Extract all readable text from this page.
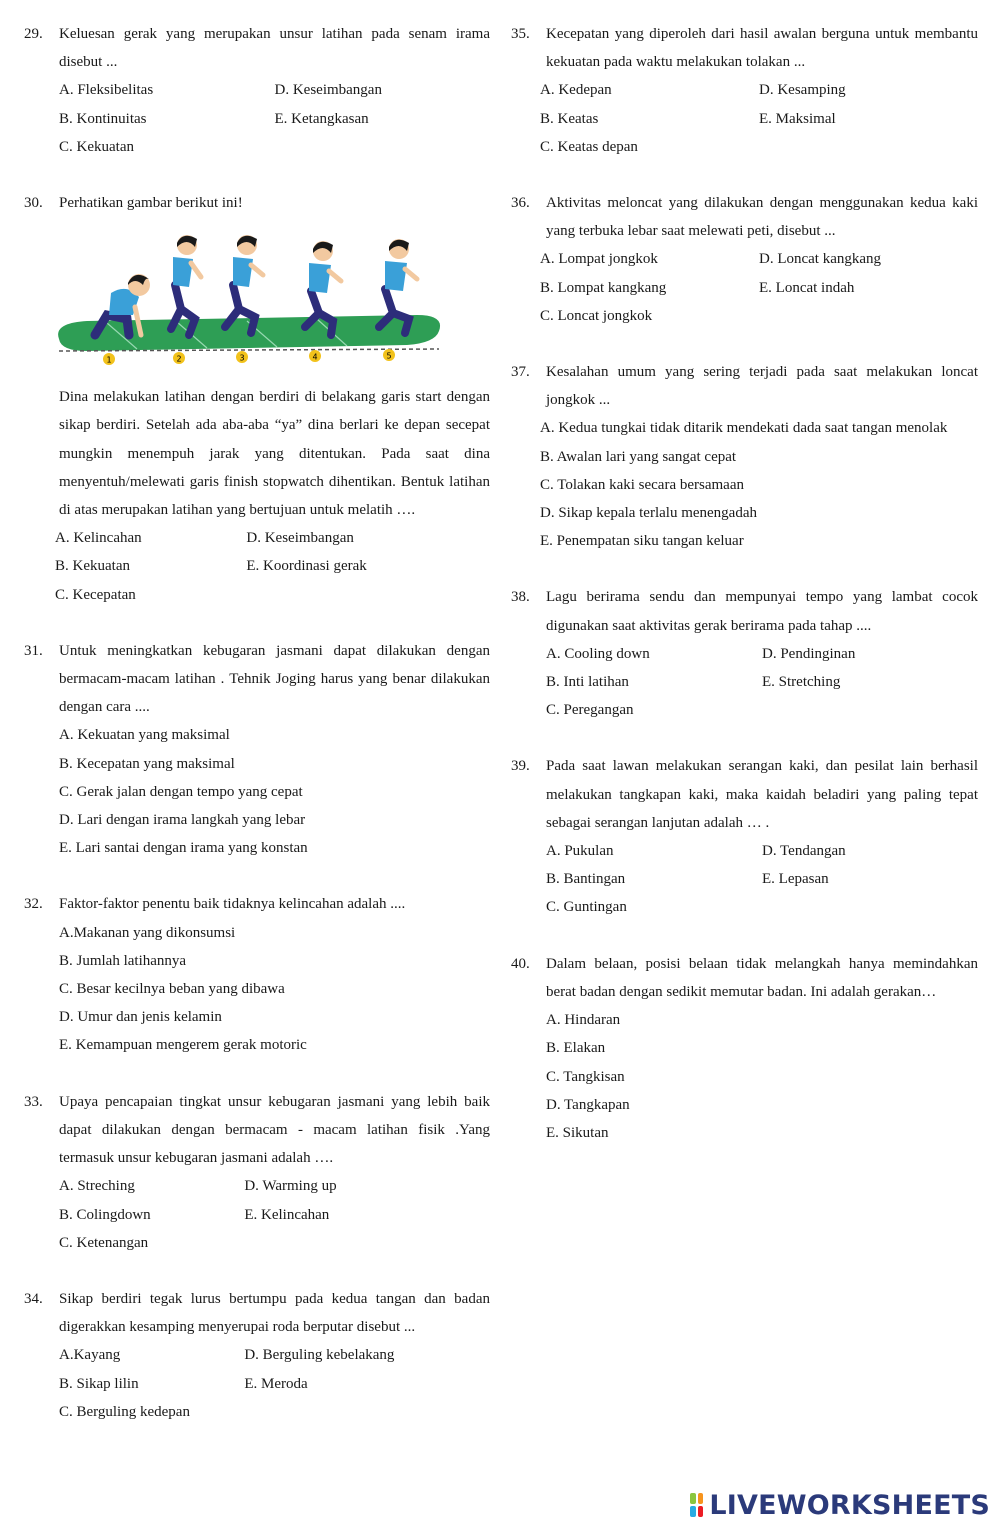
29. Keluesan gerak yang merupakan unsur latihan pada senam irama disebut ...
A. Fleksibelitas	D. Keseimbangan
B. Kontinuitas	E. Ketangkasan
C. Kekuatan
30. Perhatikan gambar berikut ini!
1	2	3	4	5
Dina melakukan latihan dengan berdiri di belakang garis start dengan sikap berdiri. Setelah ada aba-aba “ya” dina berlari ke depan secepat mungkin menempuh jarak yang ditentukan. Pada saat dina menyentuh/melewati garis finish stopwatch dihentikan. Bentuk latihan di atas merupakan latihan yang bertujuan untuk melatih ….
A. Kelincahan	D. Keseimbangan
B. Kekuatan	E. Koordinasi gerak
C. Kecepatan
31. Untuk meningkatkan kebugaran jasmani dapat dilakukan dengan bermacam-macam latihan . Tehnik Joging harus yang benar dilakukan dengan cara ....
A. Kekuatan yang maksimal
B. Kecepatan yang maksimal
C. Gerak jalan dengan tempo yang cepat
D. Lari dengan irama langkah yang lebar
E. Lari santai dengan irama yang konstan
32. Faktor-faktor penentu baik tidaknya kelincahan adalah ....
A.Makanan yang dikonsumsi
B. Jumlah latihannya
C. Besar kecilnya beban yang dibawa
D. Umur dan jenis kelamin
E. Kemampuan mengerem gerak motoric
33. Upaya pencapaian tingkat unsur kebugaran jasmani yang lebih baik dapat dilakukan dengan bermacam - macam latihan fisik .Yang termasuk unsur kebugaran jasmani adalah ….
A. Streching	D. Warming up
B. Colingdown	E. Kelincahan
C. Ketenangan
34. Sikap berdiri tegak lurus bertumpu pada kedua tangan dan badan digerakkan kesamping menyerupai roda berputar disebut ...
A.Kayang	D. Berguling kebelakang
B. Sikap lilin	E. Meroda
C. Berguling kedepan
35. Kecepatan yang diperoleh dari hasil awalan berguna untuk membantu kekuatan pada waktu melakukan tolakan ...
A. Kedepan	D. Kesamping
B. Keatas	E. Maksimal
C. Keatas depan
36. Aktivitas meloncat yang dilakukan dengan menggunakan kedua kaki yang terbuka lebar saat melewati peti, disebut ...
A. Lompat jongkok	D. Loncat kangkang
B. Lompat kangkang	E. Loncat indah
C. Loncat jongkok
37. Kesalahan umum yang sering terjadi pada saat melakukan loncat jongkok ...
A. Kedua tungkai tidak ditarik mendekati dada saat tangan menolak
B. Awalan lari yang sangat cepat
C. Tolakan kaki secara bersamaan
D. Sikap kepala terlalu menengadah
E. Penempatan siku tangan keluar
38. Lagu berirama sendu dan mempunyai tempo yang lambat cocok digunakan saat aktivitas gerak berirama pada tahap ....
A. Cooling down	D. Pendinginan
B. Inti latihan	E. Stretching
C. Peregangan
39. Pada saat lawan melakukan serangan kaki, dan pesilat lain berhasil melakukan tangkapan kaki, maka kaidah beladiri yang paling tepat sebagai serangan lanjutan adalah … .
A. Pukulan	D. Tendangan
B. Bantingan	E. Lepasan
C. Guntingan
40. Dalam belaan, posisi belaan tidak melangkah hanya memindahkan berat badan dengan sedikit memutar badan. Ini adalah gerakan…
A. Hindaran
B. Elakan
C. Tangkisan
D. Tangkapan
E. Sikutan
LIVEWORKSHEETS
